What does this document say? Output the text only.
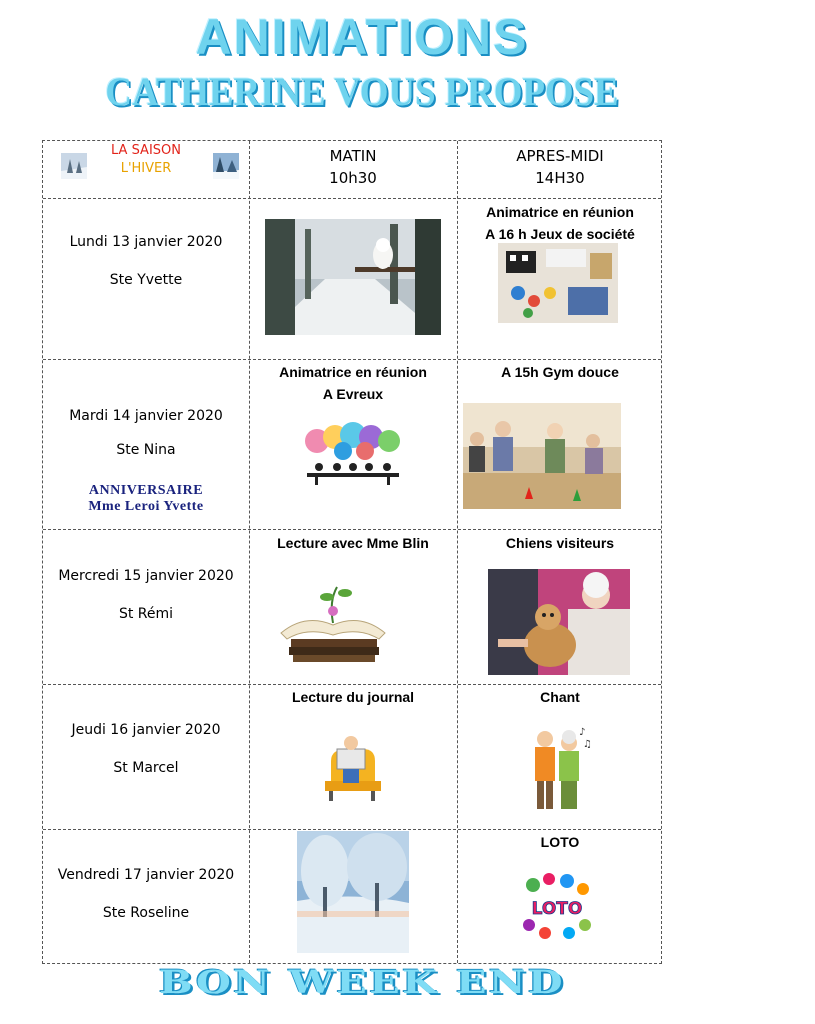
ANIMATIONS
CATHERINE VOUS PROPOSE
LA SAISON
L'HIVER
MATIN
10h30
APRES-MIDI
14H30
Lundi 13 janvier 2020
Ste Yvette
Animatrice en réunion
A 16 h Jeux de société
Mardi 14 janvier 2020
Ste Nina
ANNIVERSAIRE
Mme Leroi Yvette
Animatrice en réunion
A Evreux
A 15h Gym douce
Mercredi 15 janvier 2020
St Rémi
Lecture avec Mme Blin	Chiens visiteurs
Jeudi 16 janvier 2020
St Marcel
Lecture du journal	Chant
♪
♫
Vendredi 17 janvier 2020
Ste Roseline
LOTO
LOTO
BON WEEK END
